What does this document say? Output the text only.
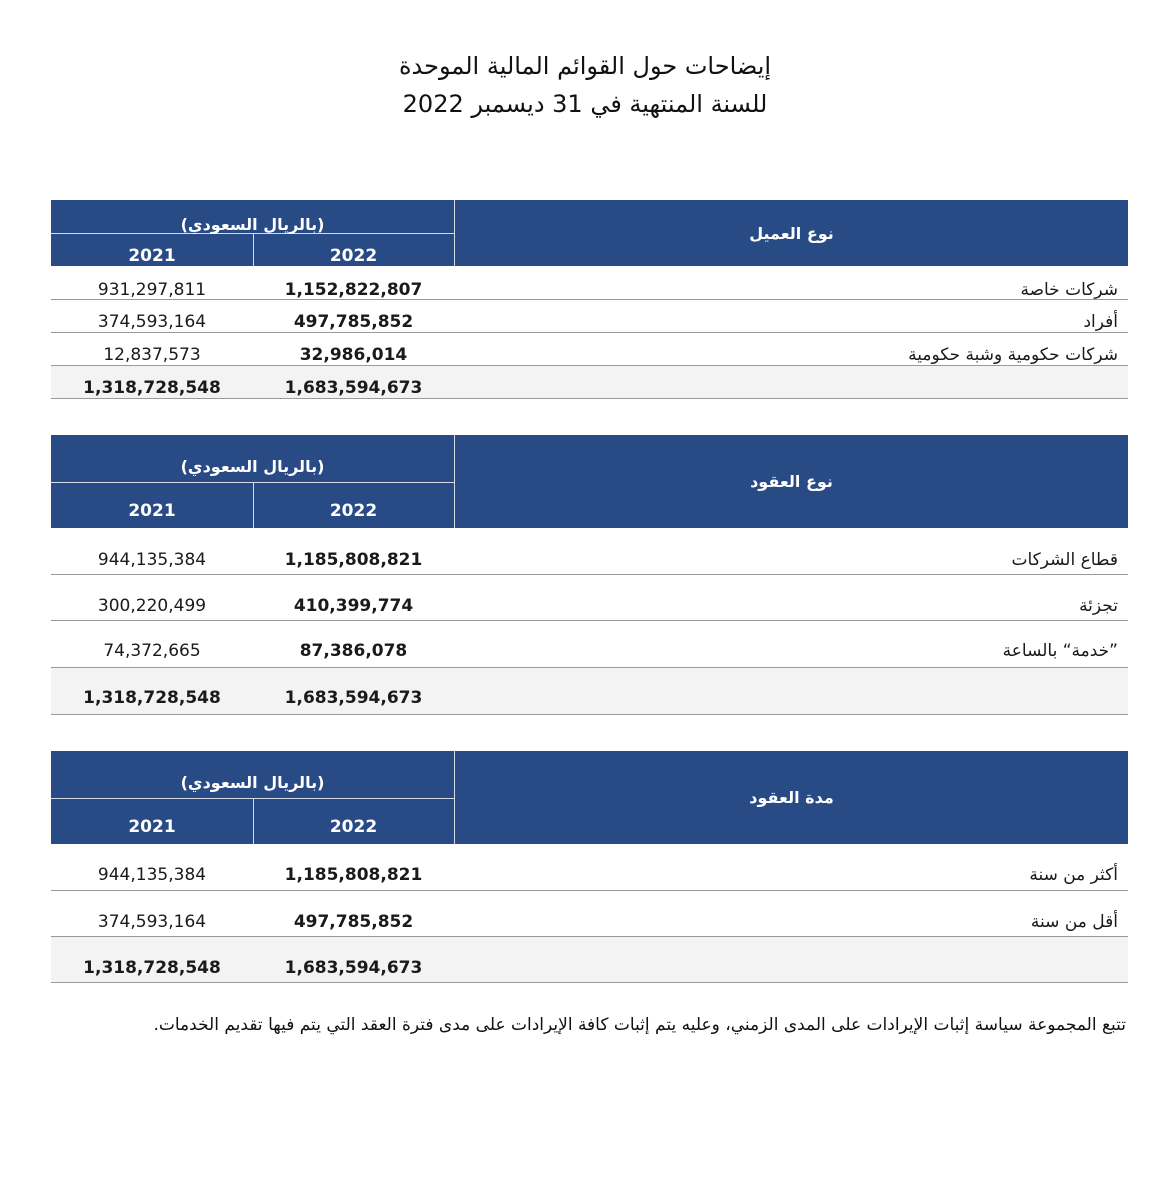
إيضاحات حول القوائم المالية الموحدة
للسنة المنتهية في 31 ديسمبر 2022
(بالريال السعودي)
2021	2022
نوع العميل
931,297,811	1,152,822,807	شركات خاصة
374,593,164	497,785,852	أفراد
12,837,573	32,986,014	شركات حكومية وشبة حكومية
1,318,728,548	1,683,594,673
(بالريال السعودي)
2021	2022
نوع العقود
944,135,384	1,185,808,821	قطاع الشركات
300,220,499	410,399,774	تجزئة
74,372,665	87,386,078	”خدمة“ بالساعة
1,318,728,548	1,683,594,673
(بالريال السعودي)
2021	2022
مدة العقود
944,135,384	1,185,808,821	أكثر من سنة
374,593,164	497,785,852	أقل من سنة
1,318,728,548	1,683,594,673
تتبع المجموعة سياسة إثبات الإيرادات على المدى الزمني، وعليه يتم إثبات كافة الإيرادات على مدى فترة العقد التي يتم فيها تقديم الخدمات.
